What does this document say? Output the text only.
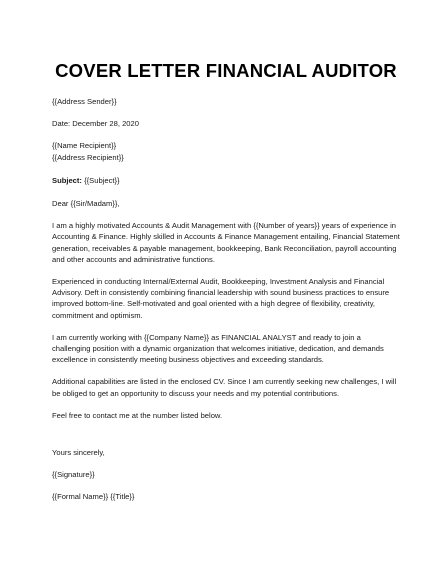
COVER LETTER FINANCIAL AUDITOR

{{Address Sender}}

Date: December 28, 2020

{{Name Recipient}}

{{Address Recipient}}

Subject: {{Subject}}

Dear {{Sir/Madam}},

I am a highly motivated Accounts & Audit Management with {{Number of years}} years of experience in Accounting & Finance. Highly skilled in Accounts & Finance Management entailing, Financial Statement generation, receivables & payable management, bookkeeping, Bank Reconciliation, payroll accounting and other accounts and administrative functions.

Experienced in conducting Internal/External Audit, Bookkeeping, Investment Analysis and Financial Advisory. Deft in consistently combining financial leadership with sound business practices to ensure improved bottom-line. Self-motivated and goal oriented with a high degree of flexibility, creativity, commitment and optimism.

I am currently working with {{Company Name}} as FINANCIAL ANALYST and ready to join a challenging position with a dynamic organization that welcomes initiative, dedication, and demands excellence in consistently meeting business objectives and exceeding standards.

Additional capabilities are listed in the enclosed CV. Since I am currently seeking new challenges, I will be obliged to get an opportunity to discuss your needs and my potential contributions.

Feel free to contact me at the number listed below.

Yours sincerely,

{{Signature}}

{{Formal Name}} {{Title}}
